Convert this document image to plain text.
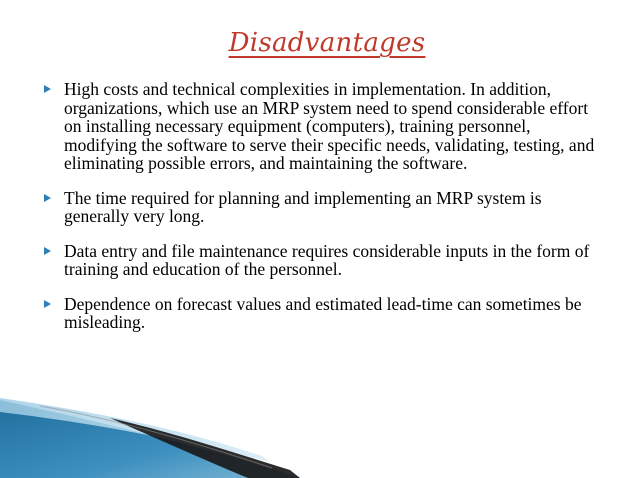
Disadvantages
High costs and technical complexities in implementation. In addition, organizations, which use an MRP system need to spend considerable effort on installing necessary equipment (computers), training personnel, modifying the software to serve their specific needs, validating, testing, and eliminating possible errors, and maintaining the software.
The time required for planning and implementing an MRP system is generally very long.
Data entry and file maintenance requires considerable inputs in the form of training and education of the personnel.
Dependence on forecast values and estimated lead-time can sometimes be misleading.
